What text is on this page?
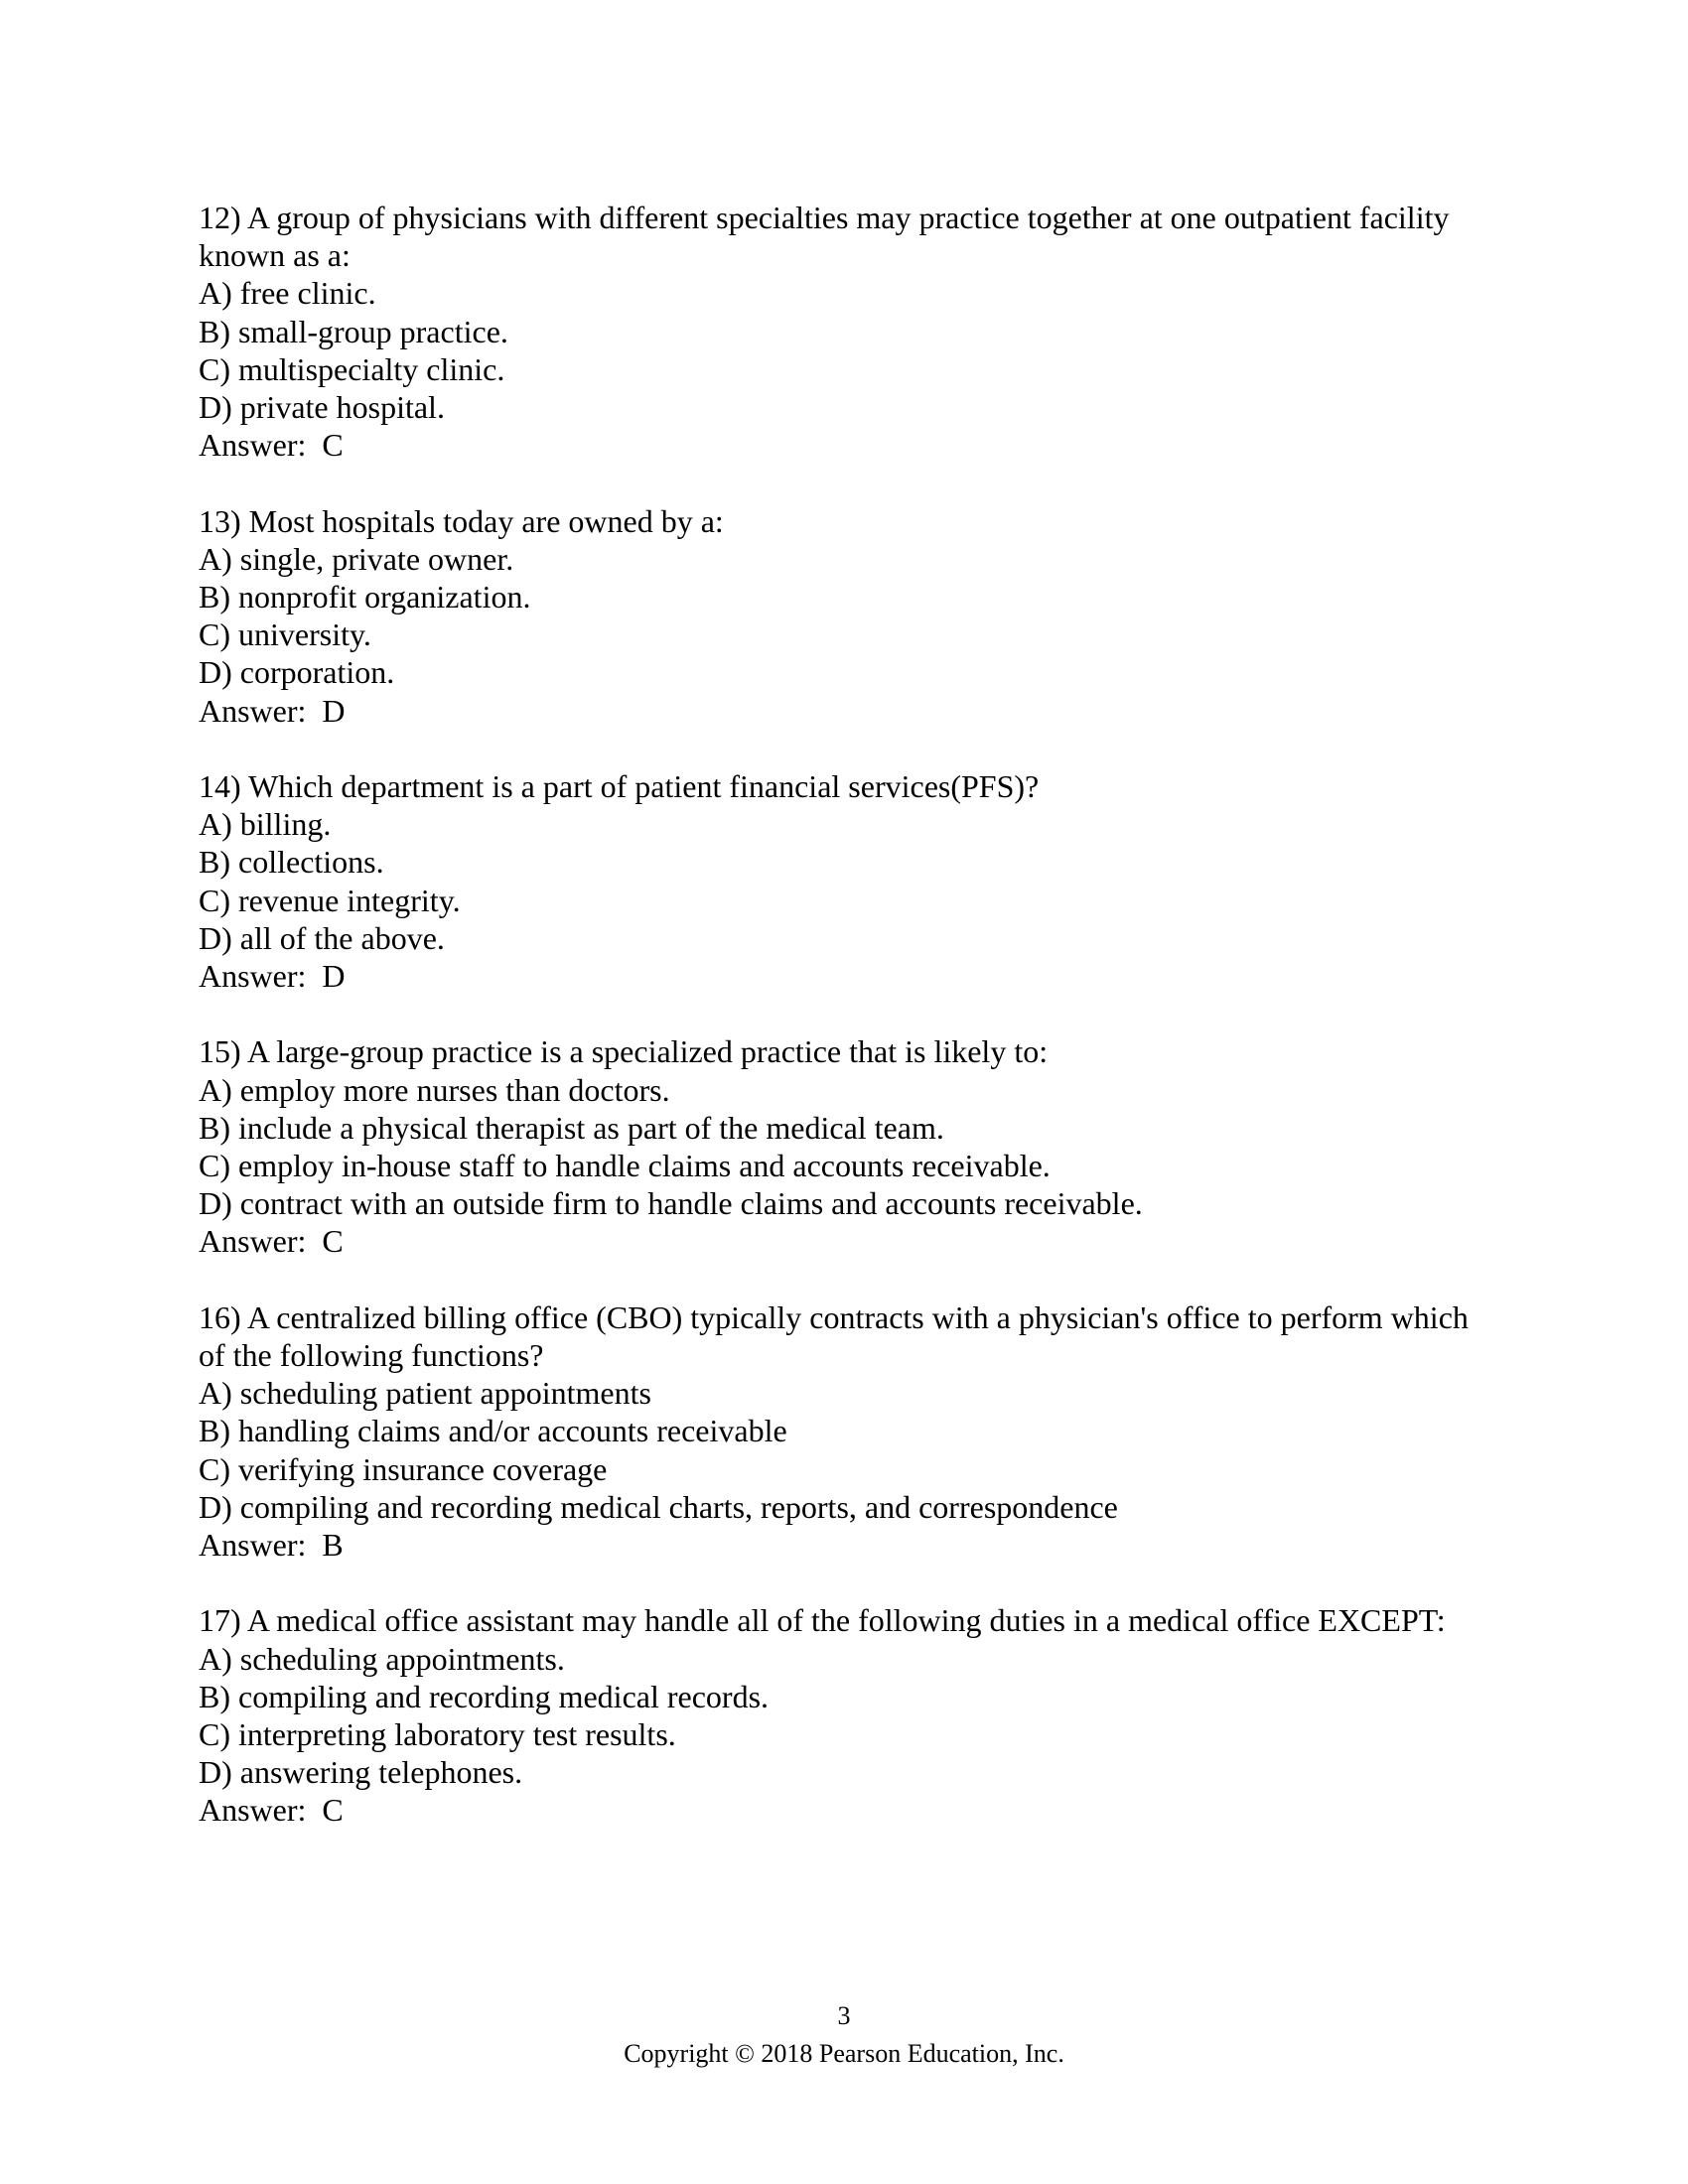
12) A group of physicians with different specialties may practice together at one outpatient facility known as a:
A) free clinic.
B) small-group practice.
C) multispecialty clinic.
D) private hospital.
Answer:  C
13) Most hospitals today are owned by a:
A) single, private owner.
B) nonprofit organization.
C) university.
D) corporation.
Answer:  D
14) Which department is a part of patient financial services(PFS)?
A) billing.
B) collections.
C) revenue integrity.
D) all of the above.
Answer:  D
15) A large-group practice is a specialized practice that is likely to:
A) employ more nurses than doctors.
B) include a physical therapist as part of the medical team.
C) employ in-house staff to handle claims and accounts receivable.
D) contract with an outside firm to handle claims and accounts receivable.
Answer:  C
16) A centralized billing office (CBO) typically contracts with a physician's office to perform which of the following functions?
A) scheduling patient appointments
B) handling claims and/or accounts receivable
C) verifying insurance coverage
D) compiling and recording medical charts, reports, and correspondence
Answer:  B
17) A medical office assistant may handle all of the following duties in a medical office EXCEPT:
A) scheduling appointments.
B) compiling and recording medical records.
C) interpreting laboratory test results.
D) answering telephones.
Answer:  C
3
Copyright © 2018 Pearson Education, Inc.
